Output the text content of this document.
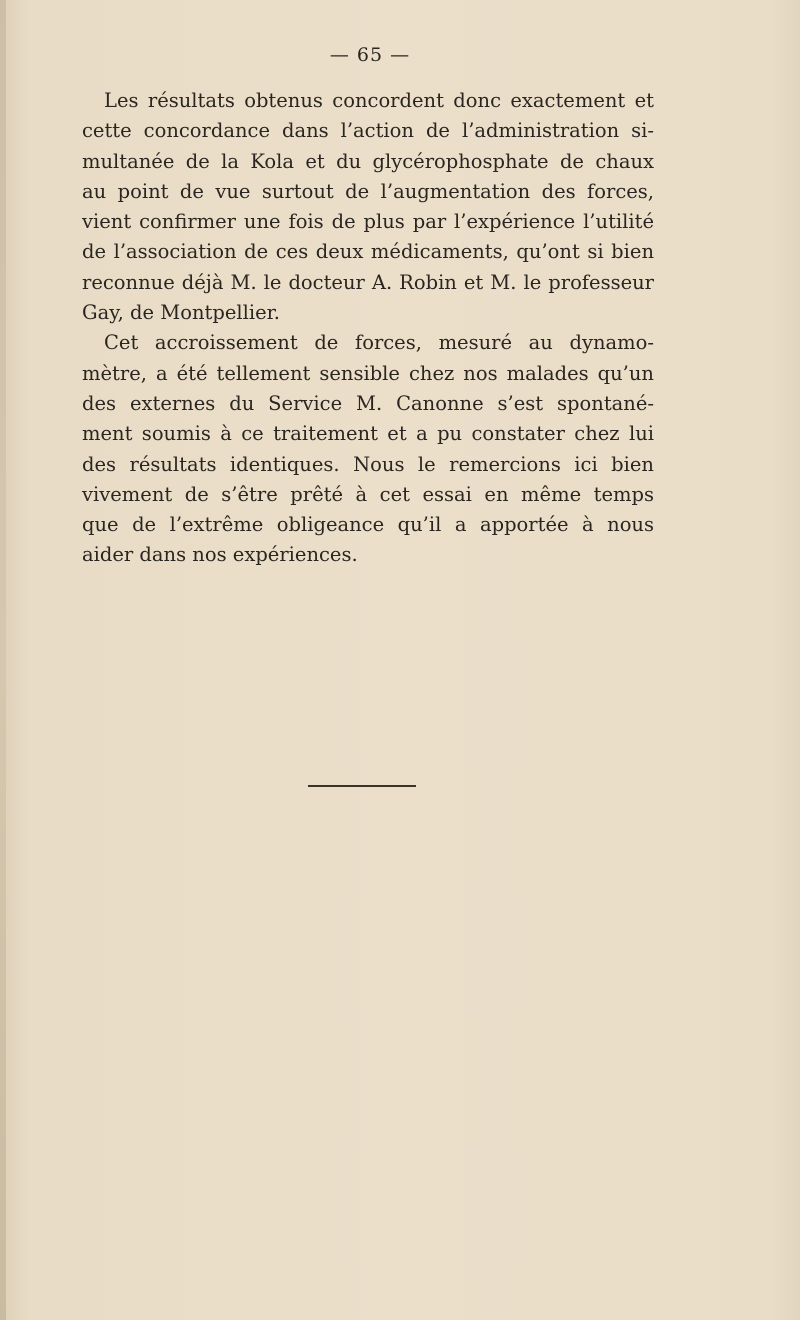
— 65 —
Les résultats obtenus concordent donc exactement et
cette concordance dans l’action de l’administration si-
multanée de la Kola et du glycérophosphate de chaux
au point de vue surtout de l’augmentation des forces,
vient confirmer une fois de plus par l’expérience l’utilité
de l’association de ces deux médicaments, qu’ont si bien
reconnue déjà M. le docteur A. Robin et M. le professeur
Gay, de Montpellier.
Cet accroissement de forces, mesuré au dynamo-
mètre, a été tellement sensible chez nos malades qu’un
des externes du Service M. Canonne s’est spontané-
ment soumis à ce traitement et a pu constater chez lui
des résultats identiques. Nous le remercions ici bien
vivement de s’être prêté à cet essai en même temps
que de l’extrême obligeance qu’il a apportée à nous
aider dans nos expériences.
